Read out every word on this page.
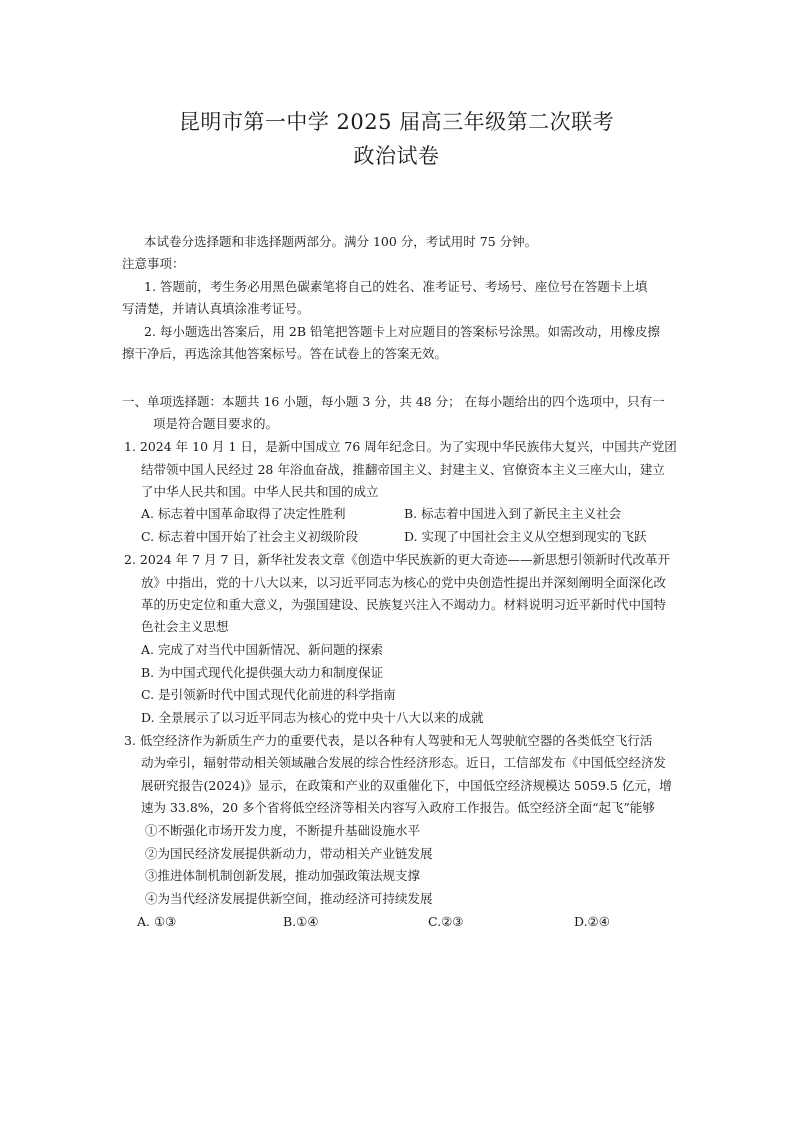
昆明市第一中学 2025 届高三年级第二次联考
政治试卷
本试卷分选择题和非选择题两部分。满分 100 分，考试用时 75 分钟。
注意事项：
1. 答题前，考生务必用黑色碳素笔将自己的姓名、准考证号、考场号、座位号在答题卡上填
写清楚，并请认真填涂准考证号。
2. 每小题选出答案后，用 2B 铅笔把答题卡上对应题目的答案标号涂黑。如需改动，用橡皮擦
擦干净后，再选涂其他答案标号。答在试卷上的答案无效。
一、单项选择题：本题共 16 小题，每小题 3 分，共 48 分； 在每小题给出的四个选项中，只有一
项是符合题目要求的。
1. 2024 年 10 月 1 日，是新中国成立 76 周年纪念日。为了实现中华民族伟大复兴，中国共产党团
结带领中国人民经过 28 年浴血奋战，推翻帝国主义、封建主义、官僚资本主义三座大山，建立
了中华人民共和国。中华人民共和国的成立
A. 标志着中国革命取得了决定性胜利	B. 标志着中国进入到了新民主主义社会
C. 标志着中国开始了社会主义初级阶段	D. 实现了中国社会主义从空想到现实的飞跃
2. 2024 年 7 月 7 日，新华社发表文章《创造中华民族新的更大奇迹——新思想引领新时代改革开
放》中指出，党的十八大以来，以习近平同志为核心的党中央创造性提出并深刻阐明全面深化改
革的历史定位和重大意义，为强国建设、民族复兴注入不竭动力。材料说明习近平新时代中国特
色社会主义思想
A. 完成了对当代中国新情况、新问题的探索
B. 为中国式现代化提供强大动力和制度保证
C. 是引领新时代中国式现代化前进的科学指南
D. 全景展示了以习近平同志为核心的党中央十八大以来的成就
3. 低空经济作为新质生产力的重要代表，是以各种有人驾驶和无人驾驶航空器的各类低空飞行活
动为牵引，辐射带动相关领域融合发展的综合性经济形态。近日，工信部发布《中国低空经济发
展研究报告(2024)》显示，在政策和产业的双重催化下，中国低空经济规模达 5059.5 亿元，增
速为 33.8%，20 多个省将低空经济等相关内容写入政府工作报告。低空经济全面“起飞”能够
①不断强化市场开发力度，不断提升基础设施水平
②为国民经济发展提供新动力，带动相关产业链发展
③推进体制机制创新发展，推动加强政策法规支撑
④为当代经济发展提供新空间，推动经济可持续发展
A. ①③	B.①④	C.②③	D.②④
